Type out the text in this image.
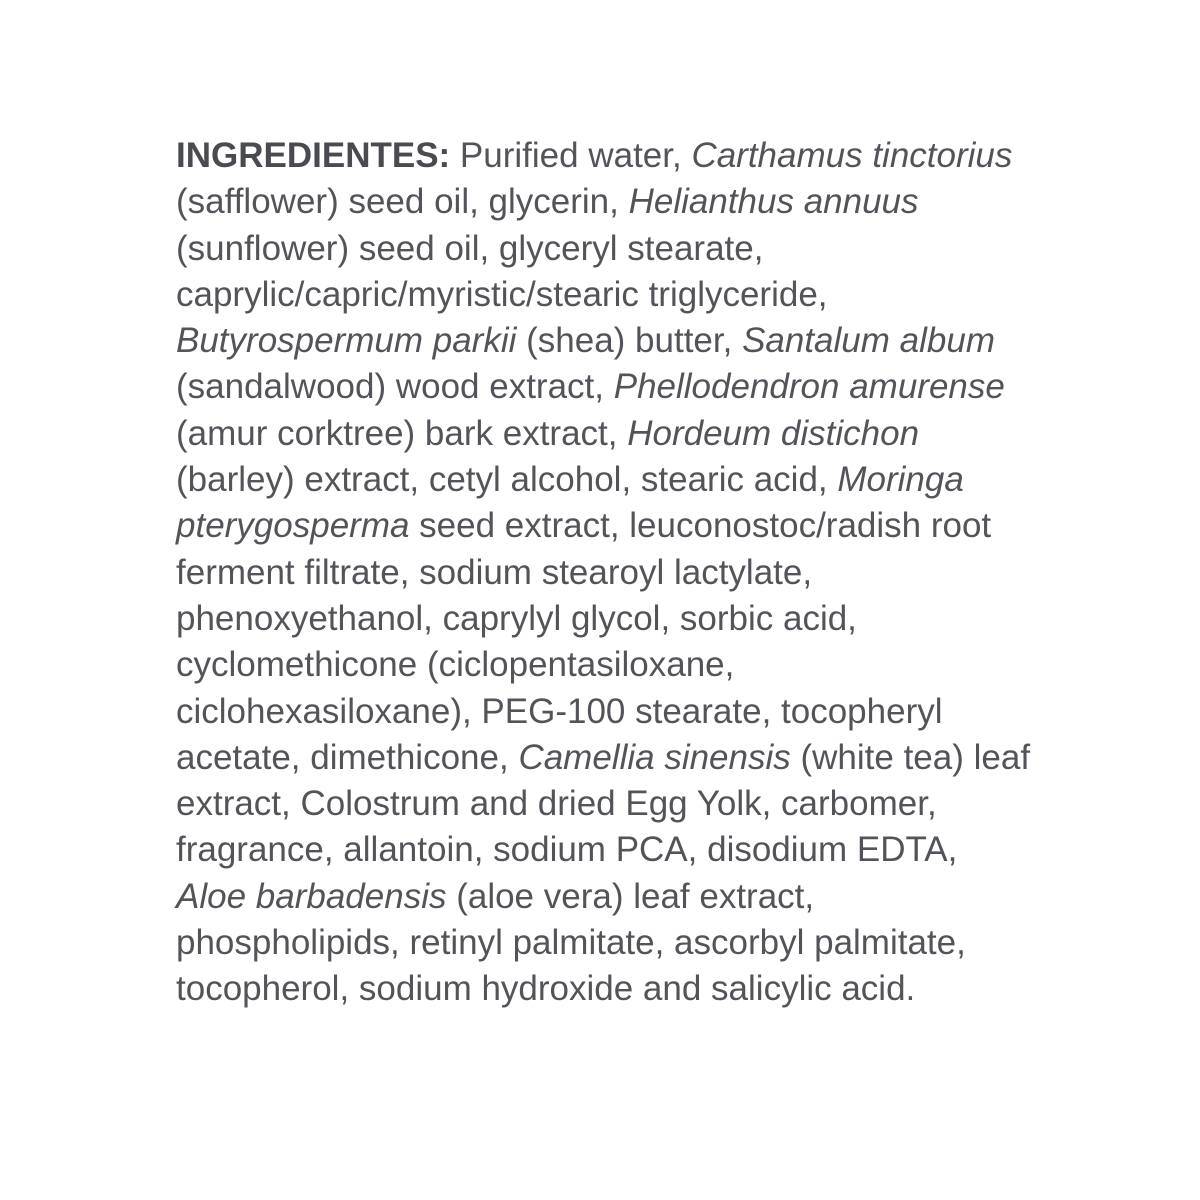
INGREDIENTES: Purified water, Carthamus tinctorius (safflower) seed oil, glycerin, Helianthus annuus (sunflower) seed oil, glyceryl stearate, caprylic/capric/myristic/stearic triglyceride, Butyrospermum parkii (shea) butter, Santalum album (sandalwood) wood extract, Phellodendron amurense (amur corktree) bark extract, Hordeum distichon (barley) extract, cetyl alcohol, stearic acid, Moringa pterygosperma seed extract, leuconostoc/radish root ferment filtrate, sodium stearoyl lactylate, phenoxyethanol, caprylyl glycol, sorbic acid, cyclomethicone (ciclopentasiloxane, ciclohexasiloxane), PEG-100 stearate, tocopheryl acetate, dimethicone, Camellia sinensis (white tea) leaf extract, Colostrum and dried Egg Yolk, carbomer, fragrance, allantoin, sodium PCA, disodium EDTA, Aloe barbadensis (aloe vera) leaf extract, phospholipids, retinyl palmitate, ascorbyl palmitate, tocopherol, sodium hydroxide and salicylic acid.
